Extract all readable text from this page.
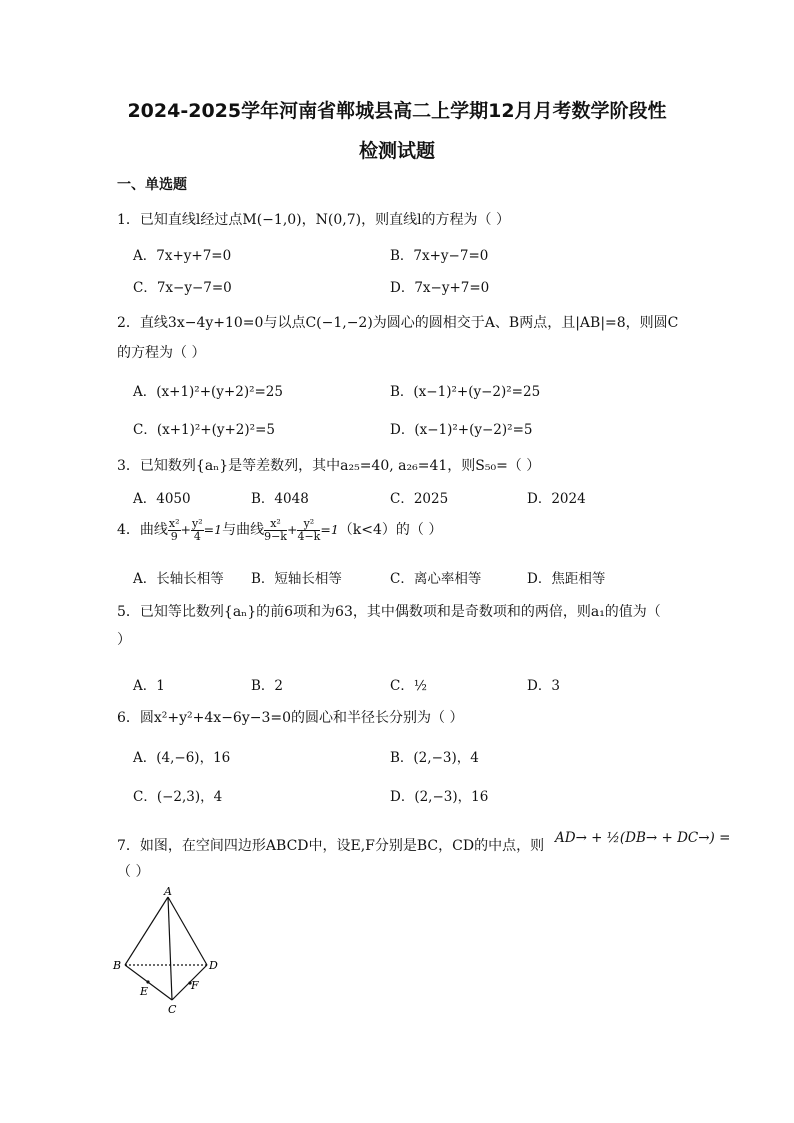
2024-2025学年河南省郸城县高二上学期12月月考数学阶段性
检测试题
一、单选题
1．已知直线l经过点M(−1,0)，N(0,7)，则直线l的方程为（ ）
A．7x+y+7=0	B．7x+y−7=0
C．7x−y−7=0	D．7x−y+7=0
2．直线3x−4y+10=0与以点C(−1,−2)为圆心的圆相交于A、B两点，且|AB|=8，则圆C
的方程为（ ）
A．(x+1)²+(y+2)²=25	B．(x−1)²+(y−2)²=25
C．(x+1)²+(y+2)²=5	D．(x−1)²+(y−2)²=5
3．已知数列{aₙ}是等差数列，其中a₂₅=40, a₂₆=41，则S₅₀=（ ）
A．4050	B．4048	C．2025	D．2024
4．曲线 $\frac{\text{x²}}{9} + \frac{\text{y²}}{4} =1$与曲线 $\frac{\text{x²}}{9-k} + \frac{\text{y²}}{4-k} =1(k<4)$的（ ）
A．长轴长相等 B．短轴长相等	C．离心率相等	D．焦距相等
5．已知等比数列{aₙ}的前6项和为63，其中偶数项和是奇数项和的两倍，则a₁的值为（
）
A．1	B．2	C．½	D．3
6．圆x²+y²+4x−6y−3=0的圆心和半径长分别为（ ）
A．(4,−6)，16	B．(2,−3)，4
C．(−2,3)，4	D．(2,−3)，16
7．如图，在空间四边形ABCD中，设E,F分别是BC，CD的中点，则 AD→ + ½(DB→ + DC→) =
（ ）
A
B
C
D
E	F
